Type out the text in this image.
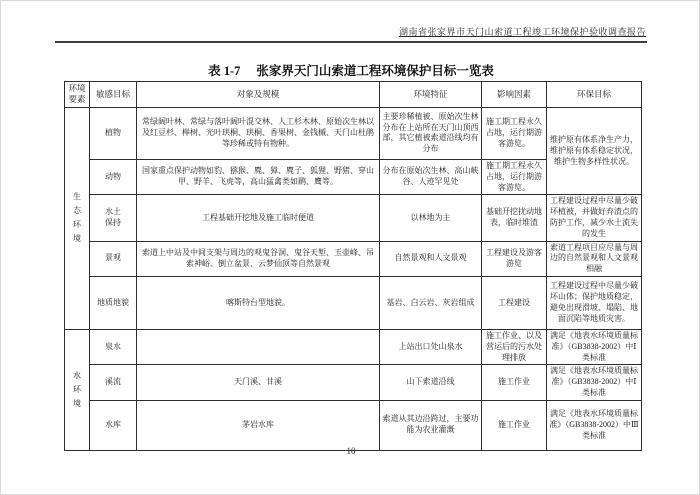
湖南省张家界市天门山索道工程竣工环境保护验收调查报告
表 1-7 张家界天门山索道工程环境保护目标一览表
环境要素	敏感目标	对象及规模	环境特征	影响因素	环保目标
生态环境	植物	常绿阔叶林、常绿与落叶阔叶混交林、人工杉木林、原始次生林以及红豆杉、榉树、光叶珙桐、珙桐、香果树、金钱槭、天门山杜鹃等珍稀或特有物种。	主要珍稀植被、原始次生林分布在上站所在天门山顶西部，其它植被索道沿线均有分布	施工期工程永久占地，运行期游客游览。	维护原有体系净生产力，维护原有体系稳定状况，维护生物多样性状况。
	动物	国家重点保护动物如豹、猕猴、麂、獐、麂子、狐狸、野猪、穿山甲、野羊、飞虎等，高山猛禽类如鹛、鹰等。	分布在原始次生林、高山峡谷、人迹罕见处	施工期工程永久占地，运行期游客游览。	
	水土保持	工程基础开挖地及施工临时便道	以林地为主	基础开挖扰动地表，临时堆渣	工程建设过程中尽量少破坏植被，并做好弃渣点的防护工作，减少水土流失的发生
	景观	索道上中站及中间支架与周边的观鬼谷洞、鬼谷天堑、玉壶峰、吊索神峪、倒立盆景、云梦仙顶等自然景观	自然景观和人文景观	工程建设及游客游览	索道工程项目应尽量与周边的自然景观和人文景观相融
	地质地貌	喀斯特台型地貌。	基岩、白云岩、灰岩组成	工程建设	工程建设过程中尽量少破坏山体；保护地质稳定，避免出现滑坡、塌陷、地面沉陷等地质灾害。
水环境	泉水		上站出口处山泉水	施工作业、以及营运后的污水处理排放	满足《地表水环境质量标准》（GB3838-2002）中Ⅰ类标准
	溪流	天门溪、甘溪	山下索道沿线	施工作业	满足《地表水环境质量标准》（GB3838-2002）中Ⅰ类标准
	水库	茅岩水库	索道从其边沿跨过，主要功能为农业灌溉	施工作业	满足《地表水环境质量标准》（GB3838-2002）中Ⅲ类标准
10
